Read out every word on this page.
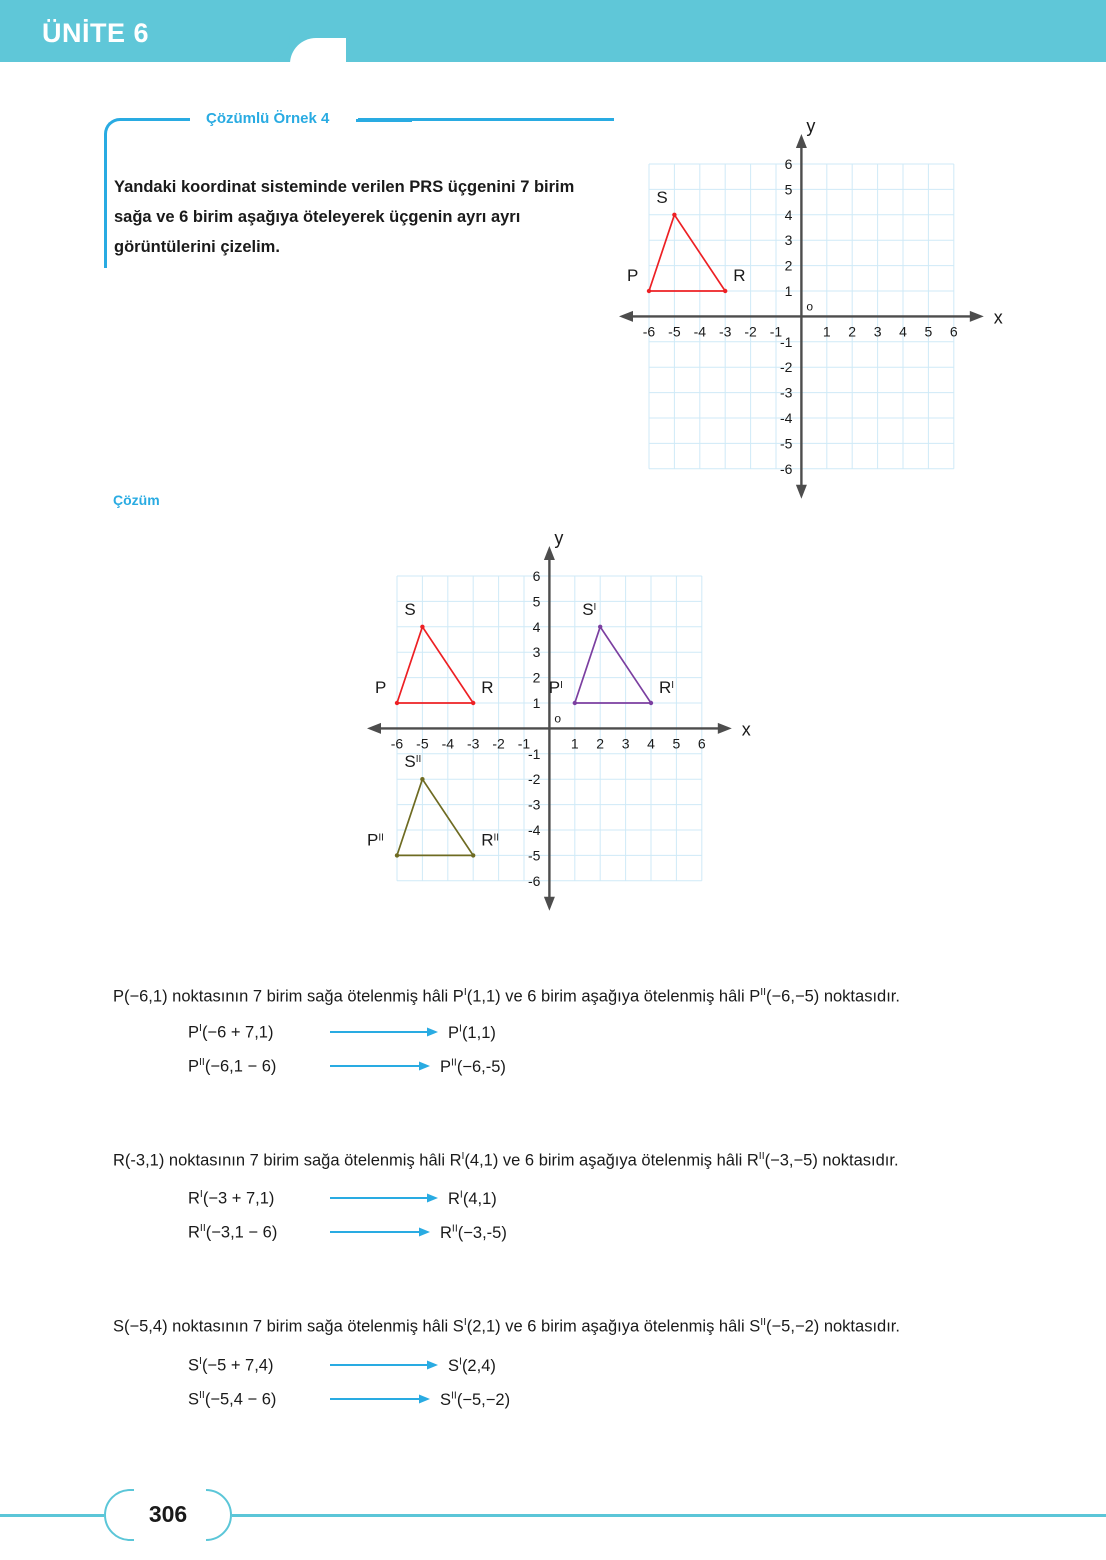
ÜNİTE 6
Çözümlü Örnek 4
Yandaki koordinat sisteminde verilen PRS üçgenini 7 birim sağa ve 6 birim aşağıya öteleyerek üçgenin ayrı ayrı görüntülerini çizelim.
-6 -5 -4 -3 -2 -1	1 2 3 4 5 6
6
5
4
3
2
1
-1
-2
-3
-4
-5
-6
x
y
o
P	R
S
Çözüm
-6 -5 -4 -3 -2 -1	1 2 3 4 5 6
6
5
4
3
2
1
-1
-2
-3
-4
-5
-6
x
y
o
P	R
S
$P^I$	$R^I$
$S^I$
$P^{II}$	$R^{II}$
$S^{II}$
P(−6,1) noktasının 7 birim sağa ötelenmiş hâli $P^I(1,1)$ ve 6 birim aşağıya ötelenmiş hâli $P^{II}(-6,-5)$ noktasıdır.
$P^I(-6 + 7,1)$	$P^I(1,1)$
$P^{II}(-6,1 - 6)$	$P^{II}(-6,-5)$
R(-3,1) noktasının 7 birim sağa ötelenmiş hâli $R^I(4,1)$ ve 6 birim aşağıya ötelenmiş hâli $R^{II}(-3,-5)$ noktasıdır.
$R^I(-3 + 7,1)$	$R^I(4,1)$
$R^{II}(-3,1 - 6)$	$R^{II}(-3,-5)$
S(−5,4) noktasının 7 birim sağa ötelenmiş hâli $S^I(2,1)$ ve 6 birim aşağıya ötelenmiş hâli $S^{II}(-5,-2)$ noktasıdır.
$S^I(-5 + 7,4)$	$S^I(2,4)$
$S^{II}(-5,4 - 6)$	$S^{II}(-5,-2)$
306
